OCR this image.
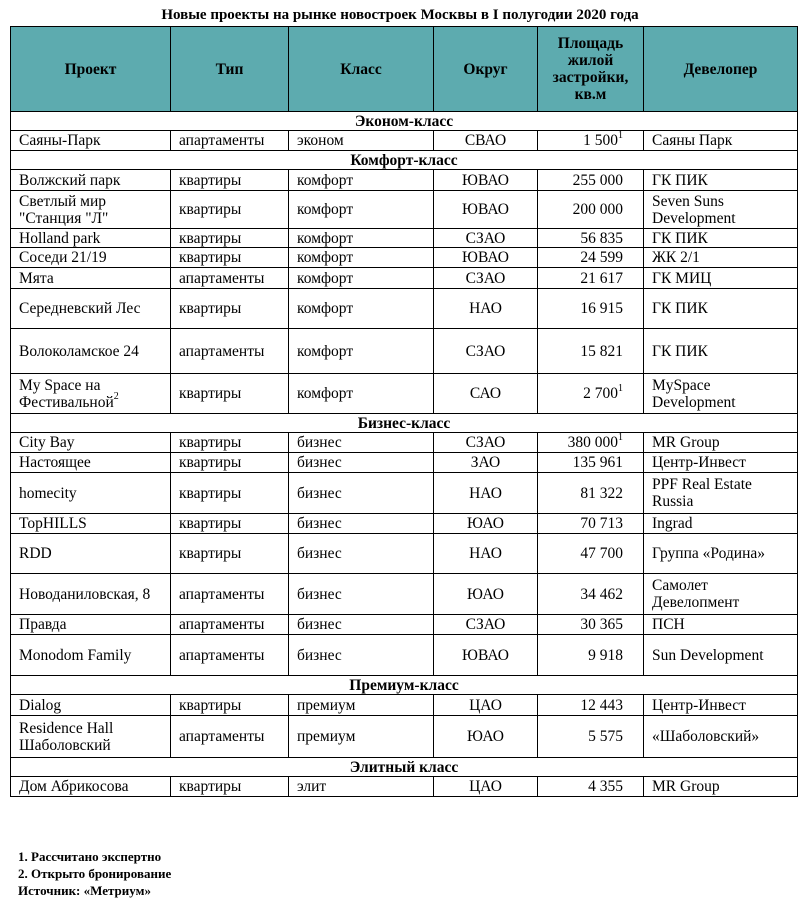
Новые проекты на рынке новостроек Москвы в I полугодии 2020 года
Проект	Тип	Класс	Округ	Площадь жилой застройки, кв.м	Девелопер
Эконом-класс					
Саяны-Парк	апартаменты	эконом	СВАО	1 $500^1$	Саяны Парк
Комфорт-класс					
Волжский парк	квартиры	комфорт	ЮВАО	255 000	ГК ПИК
Светлый мир "Станция "Л"	квартиры	комфорт	ЮВАО	200 000	Seven Suns Development
Holland park	квартиры	комфорт	СЗАО	56 835	ГК ПИК
Соседи 21/19	квартиры	комфорт	ЮВАО	24 599	ЖК 2/1
Мята	апартаменты	комфорт	СЗАО	21 617	ГК МИЦ
Середневский Лес	квартиры	комфорт	НАО	16 915	ГК ПИК
Волоколамское 24	апартаменты	комфорт	СЗАО	15 821	ГК ПИК
My Space на Фестивальной$^2$	квартиры	комфорт	САО	2 $700^1$	MySpace Development
Бизнес-класс					
City Bay	квартиры	бизнес	СЗАО	380 $000^1$	MR Group
Настоящее	квартиры	бизнес	ЗАО	135 961	Центр-Инвест
homecity	квартиры	бизнес	НАО	81 322	PPF Real Estate Russia
TopHILLS	квартиры	бизнес	ЮАО	70 713	Ingrad
RDD	квартиры	бизнес	НАО	47 700	Группа «Родина»
Новоданиловская, 8	апартаменты	бизнес	ЮАО	34 462	Самолет Девелопмент
Правда	апартаменты	бизнес	СЗАО	30 365	ПСН
Monodom Family	апартаменты	бизнес	ЮВАО	9 918	Sun Development
Премиум-класс					
Dialog	квартиры	премиум	ЦАО	12 443	Центр-Инвест
Residence Hall Шаболовский	апартаменты	премиум	ЮАО	5 575	«Шаболовский»
Элитный класс					
Дом Абрикосова	квартиры	элит	ЦАО	4 355	MR Group
1. Рассчитано экспертно
2. Открыто бронирование
Источник: «Метриум»
